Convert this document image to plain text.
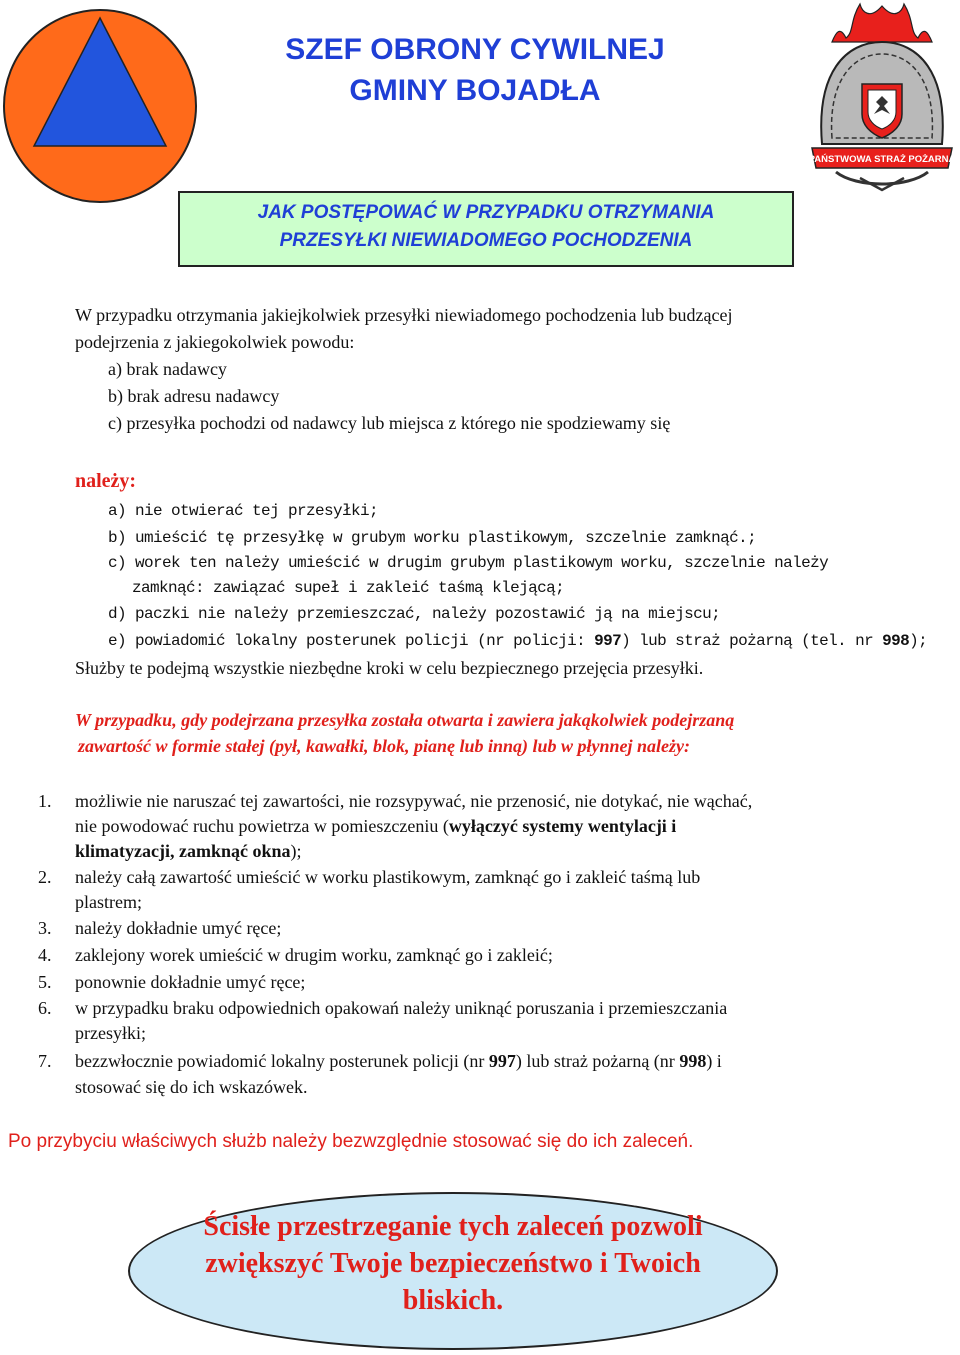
SZEF OBRONY CYWILNEJ
GMINY BOJADŁA
PAŃSTWOWA STRAŻ POŻARNA
JAK POSTĘPOWAĆ W PRZYPADKU OTRZYMANIA
PRZESYŁKI NIEWIADOMEGO POCHODZENIA
W przypadku otrzymania jakiejkolwiek przesyłki niewiadomego pochodzenia lub budzącej
podejrzenia z jakiegokolwiek powodu:
a) brak nadawcy
b) brak adresu nadawcy
c) przesyłka pochodzi od nadawcy lub miejsca z którego nie spodziewamy się
należy:
a) nie otwierać tej przesyłki;
b) umieścić tę przesyłkę w grubym worku plastikowym, szczelnie zamknąć.;
c) worek ten należy umieścić w drugim grubym plastikowym worku, szczelnie należy
zamknąć: zawiązać supeł i zakleić taśmą klejącą;
d) paczki nie należy przemieszczać, należy pozostawić ją na miejscu;
e) powiadomić lokalny posterunek policji (nr policji: 997) lub straż pożarną (tel. nr 998);
Służby te podejmą wszystkie niezbędne kroki w celu bezpiecznego przejęcia przesyłki.
W przypadku, gdy podejrzana przesyłka została otwarta i zawiera jakąkolwiek podejrzaną
zawartość w formie stałej (pył, kawałki, blok, pianę lub inną) lub w płynnej należy:
1. możliwie nie naruszać tej zawartości, nie rozsypywać, nie przenosić, nie dotykać, nie wąchać,
nie powodować ruchu powietrza w pomieszczeniu (wyłączyć systemy wentylacji i
klimatyzacji, zamknąć okna);
2. należy całą zawartość umieścić w worku plastikowym, zamknąć go i zakleić taśmą lub
plastrem;
3. należy dokładnie umyć ręce;
4. zaklejony worek umieścić w drugim worku, zamknąć go i zakleić;
5. ponownie dokładnie umyć ręce;
6. w przypadku braku odpowiednich opakowań należy uniknąć poruszania i przemieszczania
przesyłki;
7. bezzwłocznie powiadomić lokalny posterunek policji (nr 997) lub straż pożarną (nr 998) i
stosować się do ich wskazówek.
Po przybyciu właściwych służb należy bezwzględnie stosować się do ich zaleceń.
Ścisłe przestrzeganie tych zaleceń pozwoli
zwiększyć Twoje bezpieczeństwo i Twoich
bliskich.
